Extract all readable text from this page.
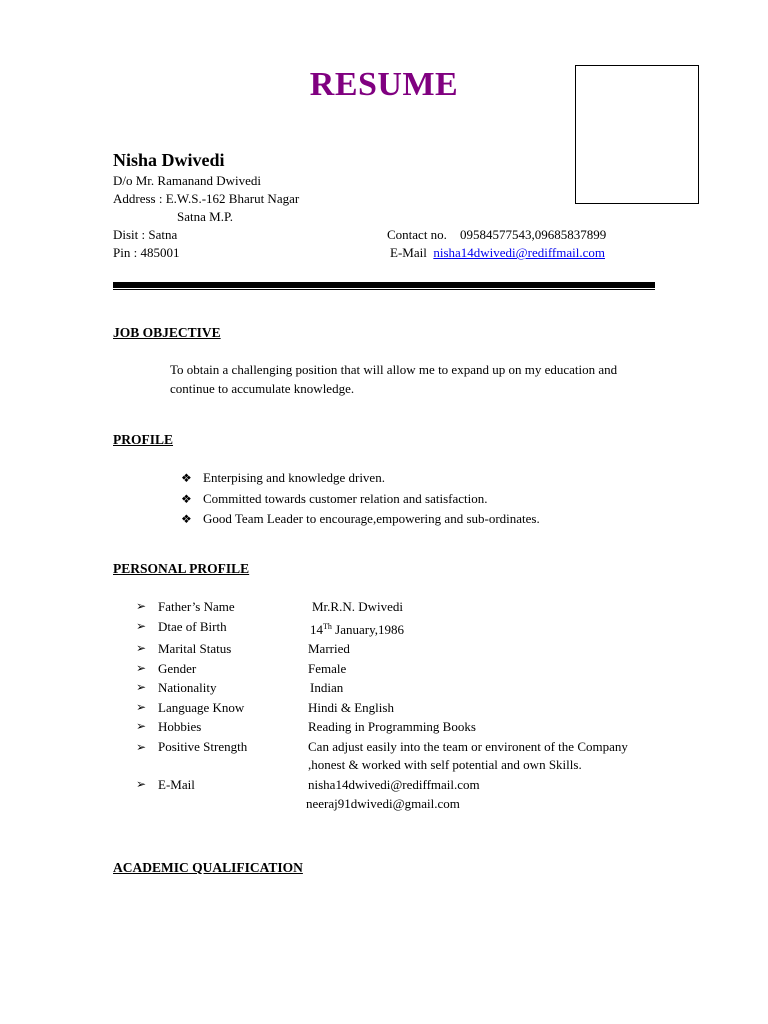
RESUME
Nisha Dwivedi
D/o Mr. Ramanand Dwivedi
Address : E.W.S.-162 Bharut Nagar
Satna M.P.
Disit : Satna
Pin : 485001
Contact no. 09584577543,09685837899
E-Mail nisha14dwivedi@rediffmail.com
JOB OBJECTIVE
To obtain a challenging position that will allow me to expand up on my education and continue to accumulate knowledge.
PROFILE
❖ Enterpising and knowledge driven.
❖ Committed towards customer relation and satisfaction.
❖ Good Team Leader to encourage,empowering and sub-ordinates.
PERSONAL PROFILE
➢ Father’s Name	Mr.R.N. Dwivedi
➢ Dtae of Birth	14Th January,1986
➢ Marital Status	Married
➢ Gender	Female
➢ Nationality	Indian
➢ Language Know	Hindi & English
➢ Hobbies	Reading in Programming Books
➢ Positive Strength	Can adjust easily into the team or environent of the Company ,honest & worked with self potential and own Skills.
➢ E-Mail	nisha14dwivedi@rediffmail.com
neeraj91dwivedi@gmail.com
ACADEMIC QUALIFICATION
